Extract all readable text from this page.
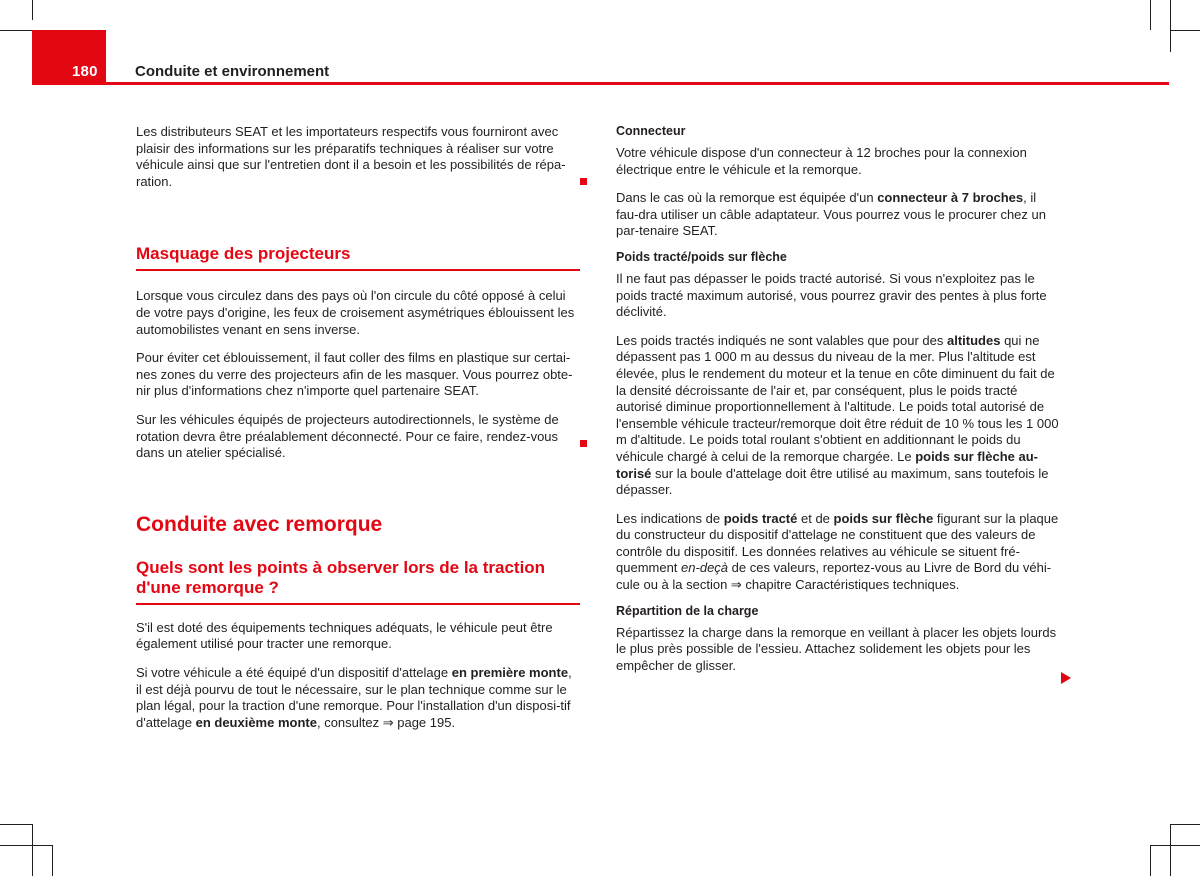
180 Conduite et environnement

Les distributeurs SEAT et les importateurs respectifs vous fourniront avec plaisir des informations sur les préparatifs techniques à réaliser sur votre véhicule ainsi que sur l'entretien dont il a besoin et les possibilités de répa-ration.

Masquage des projecteurs

Lorsque vous circulez dans des pays où l'on circule du côté opposé à celui de votre pays d'origine, les feux de croisement asymétriques éblouissent les automobilistes venant en sens inverse.

Pour éviter cet éblouissement, il faut coller des films en plastique sur certai-nes zones du verre des projecteurs afin de les masquer. Vous pourrez obte-nir plus d'informations chez n'importe quel partenaire SEAT.

Sur les véhicules équipés de projecteurs autodirectionnels, le système de rotation devra être préalablement déconnecté. Pour ce faire, rendez-vous dans un atelier spécialisé.

Conduite avec remorque
Quels sont les points à observer lors de la traction d'une remorque ?

S'il est doté des équipements techniques adéquats, le véhicule peut être également utilisé pour tracter une remorque.

Si votre véhicule a été équipé d'un dispositif d'attelage en première monte, il est déjà pourvu de tout le nécessaire, sur le plan technique comme sur le plan légal, pour la traction d'une remorque. Pour l'installation d'un disposi-tif d'attelage en deuxième monte, consultez ⇒ page 195.

Connecteur

Votre véhicule dispose d'un connecteur à 12 broches pour la connexion électrique entre le véhicule et la remorque.

Dans le cas où la remorque est équipée d'un connecteur à 7 broches, il fau-dra utiliser un câble adaptateur. Vous pourrez vous le procurer chez un par-tenaire SEAT.

Poids tracté/poids sur flèche

Il ne faut pas dépasser le poids tracté autorisé. Si vous n'exploitez pas le poids tracté maximum autorisé, vous pourrez gravir des pentes à plus forte déclivité.

Les poids tractés indiqués ne sont valables que pour des altitudes qui ne dépassent pas 1 000 m au dessus du niveau de la mer. Plus l'altitude est élevée, plus le rendement du moteur et la tenue en côte diminuent du fait de la densité décroissante de l'air et, par conséquent, plus le poids tracté autorisé diminue proportionnellement à l'altitude. Le poids total autorisé de l'ensemble véhicule tracteur/remorque doit être réduit de 10 % tous les 1 000 m d'altitude. Le poids total roulant s'obtient en additionnant le poids du véhicule chargé à celui de la remorque chargée. Le poids sur flèche au-torisé sur la boule d'attelage doit être utilisé au maximum, sans toutefois le dépasser.

Les indications de poids tracté et de poids sur flèche figurant sur la plaque du constructeur du dispositif d'attelage ne constituent que des valeurs de contrôle du dispositif. Les données relatives au véhicule se situent fré-quemment en-deçà de ces valeurs, reportez-vous au Livre de Bord du véhi-cule ou à la section ⇒ chapitre Caractéristiques techniques.

Répartition de la charge

Répartissez la charge dans la remorque en veillant à placer les objets lourds le plus près possible de l'essieu. Attachez solidement les objets pour les empêcher de glisser.
